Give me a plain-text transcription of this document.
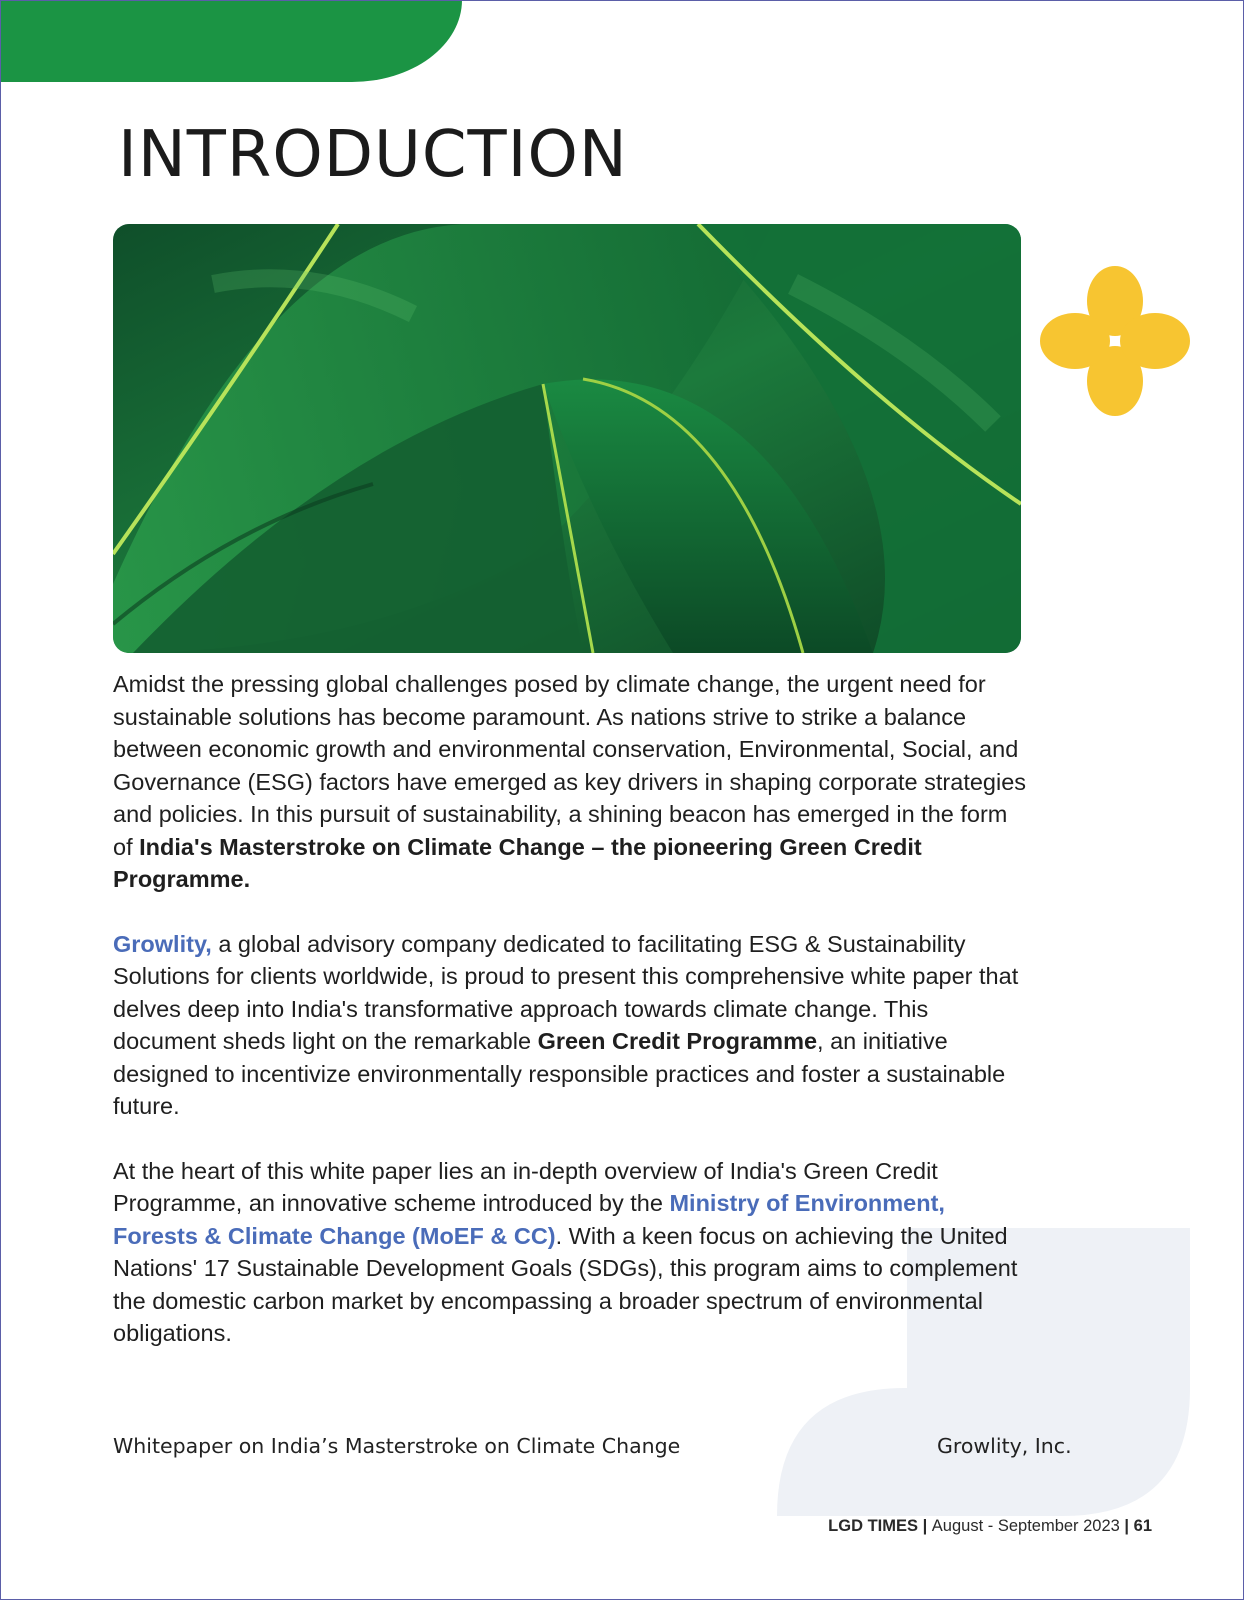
INTRODUCTION

Amidst the pressing global challenges posed by climate change, the urgent need for sustainable solutions has become paramount. As nations strive to strike a balance between economic growth and environmental conservation, Environmental, Social, and Governance (ESG) factors have emerged as key drivers in shaping corporate strategies and policies. In this pursuit of sustainability, a shining beacon has emerged in the form of India's Masterstroke on Climate Change – the pioneering Green Credit Programme.

Growlity, a global advisory company dedicated to facilitating ESG & Sustainability Solutions for clients worldwide, is proud to present this comprehensive white paper that delves deep into India's transformative approach towards climate change. This document sheds light on the remarkable Green Credit Programme, an initiative designed to incentivize environmentally responsible practices and foster a sustainable future.

At the heart of this white paper lies an in-depth overview of India's Green Credit Programme, an innovative scheme introduced by the Ministry of Environment, Forests & Climate Change (MoEF & CC). With a keen focus on achieving the United Nations' 17 Sustainable Development Goals (SDGs), this program aims to complement the domestic carbon market by encompassing a broader spectrum of environmental obligations.

Whitepaper on India’s Masterstroke on Climate Change	Growlity, Inc.
LGD TIMES | August - September 2023 | 61
